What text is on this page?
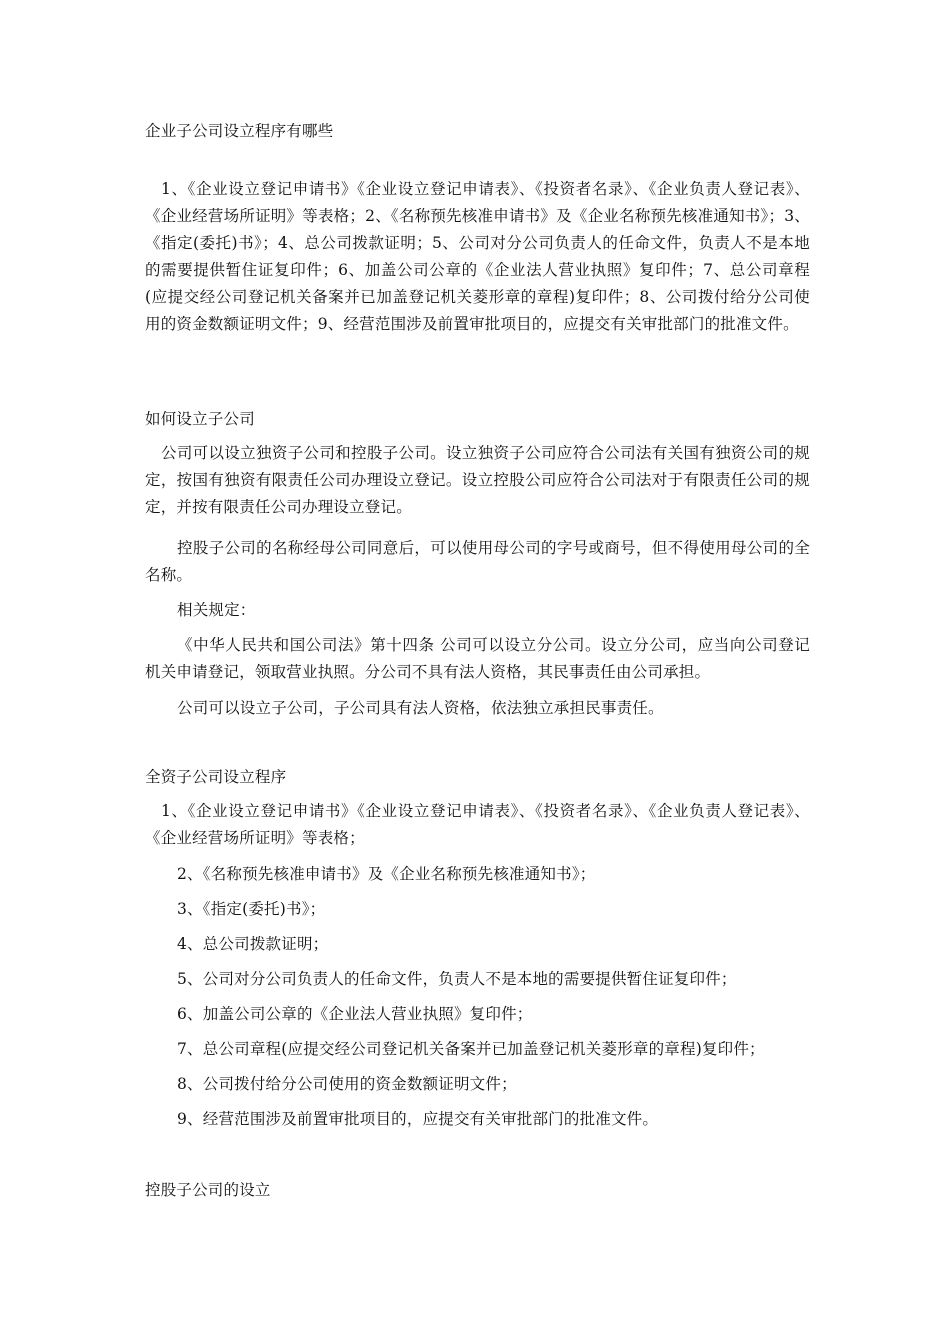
企业子公司设立程序有哪些
1、《企业设立登记申请书》《企业设立登记申请表》、《投资者名录》、《企业负责人登记表》、《企业经营场所证明》等表格；2、《名称预先核准申请书》及《企业名称预先核准通知书》；3、《指定(委托)书》；4、总公司拨款证明；5、公司对分公司负责人的任命文件，负责人不是本地的需要提供暂住证复印件；6、加盖公司公章的《企业法人营业执照》复印件；7、总公司章程(应提交经公司登记机关备案并已加盖登记机关菱形章的章程)复印件；8、公司拨付给分公司使用的资金数额证明文件；9、经营范围涉及前置审批项目的，应提交有关审批部门的批准文件。
如何设立子公司
公司可以设立独资子公司和控股子公司。设立独资子公司应符合公司法有关国有独资公司的规定，按国有独资有限责任公司办理设立登记。设立控股公司应符合公司法对于有限责任公司的规定，并按有限责任公司办理设立登记。
控股子公司的名称经母公司同意后，可以使用母公司的字号或商号，但不得使用母公司的全名称。
相关规定：
《中华人民共和国公司法》第十四条 公司可以设立分公司。设立分公司，应当向公司登记机关申请登记，领取营业执照。分公司不具有法人资格，其民事责任由公司承担。
公司可以设立子公司，子公司具有法人资格，依法独立承担民事责任。
全资子公司设立程序
1、《企业设立登记申请书》《企业设立登记申请表》、《投资者名录》、《企业负责人登记表》、《企业经营场所证明》等表格；
2、《名称预先核准申请书》及《企业名称预先核准通知书》；
3、《指定(委托)书》；
4、总公司拨款证明；
5、公司对分公司负责人的任命文件，负责人不是本地的需要提供暂住证复印件；
6、加盖公司公章的《企业法人营业执照》复印件；
7、总公司章程(应提交经公司登记机关备案并已加盖登记机关菱形章的章程)复印件；
8、公司拨付给分公司使用的资金数额证明文件；
9、经营范围涉及前置审批项目的，应提交有关审批部门的批准文件。
控股子公司的设立
